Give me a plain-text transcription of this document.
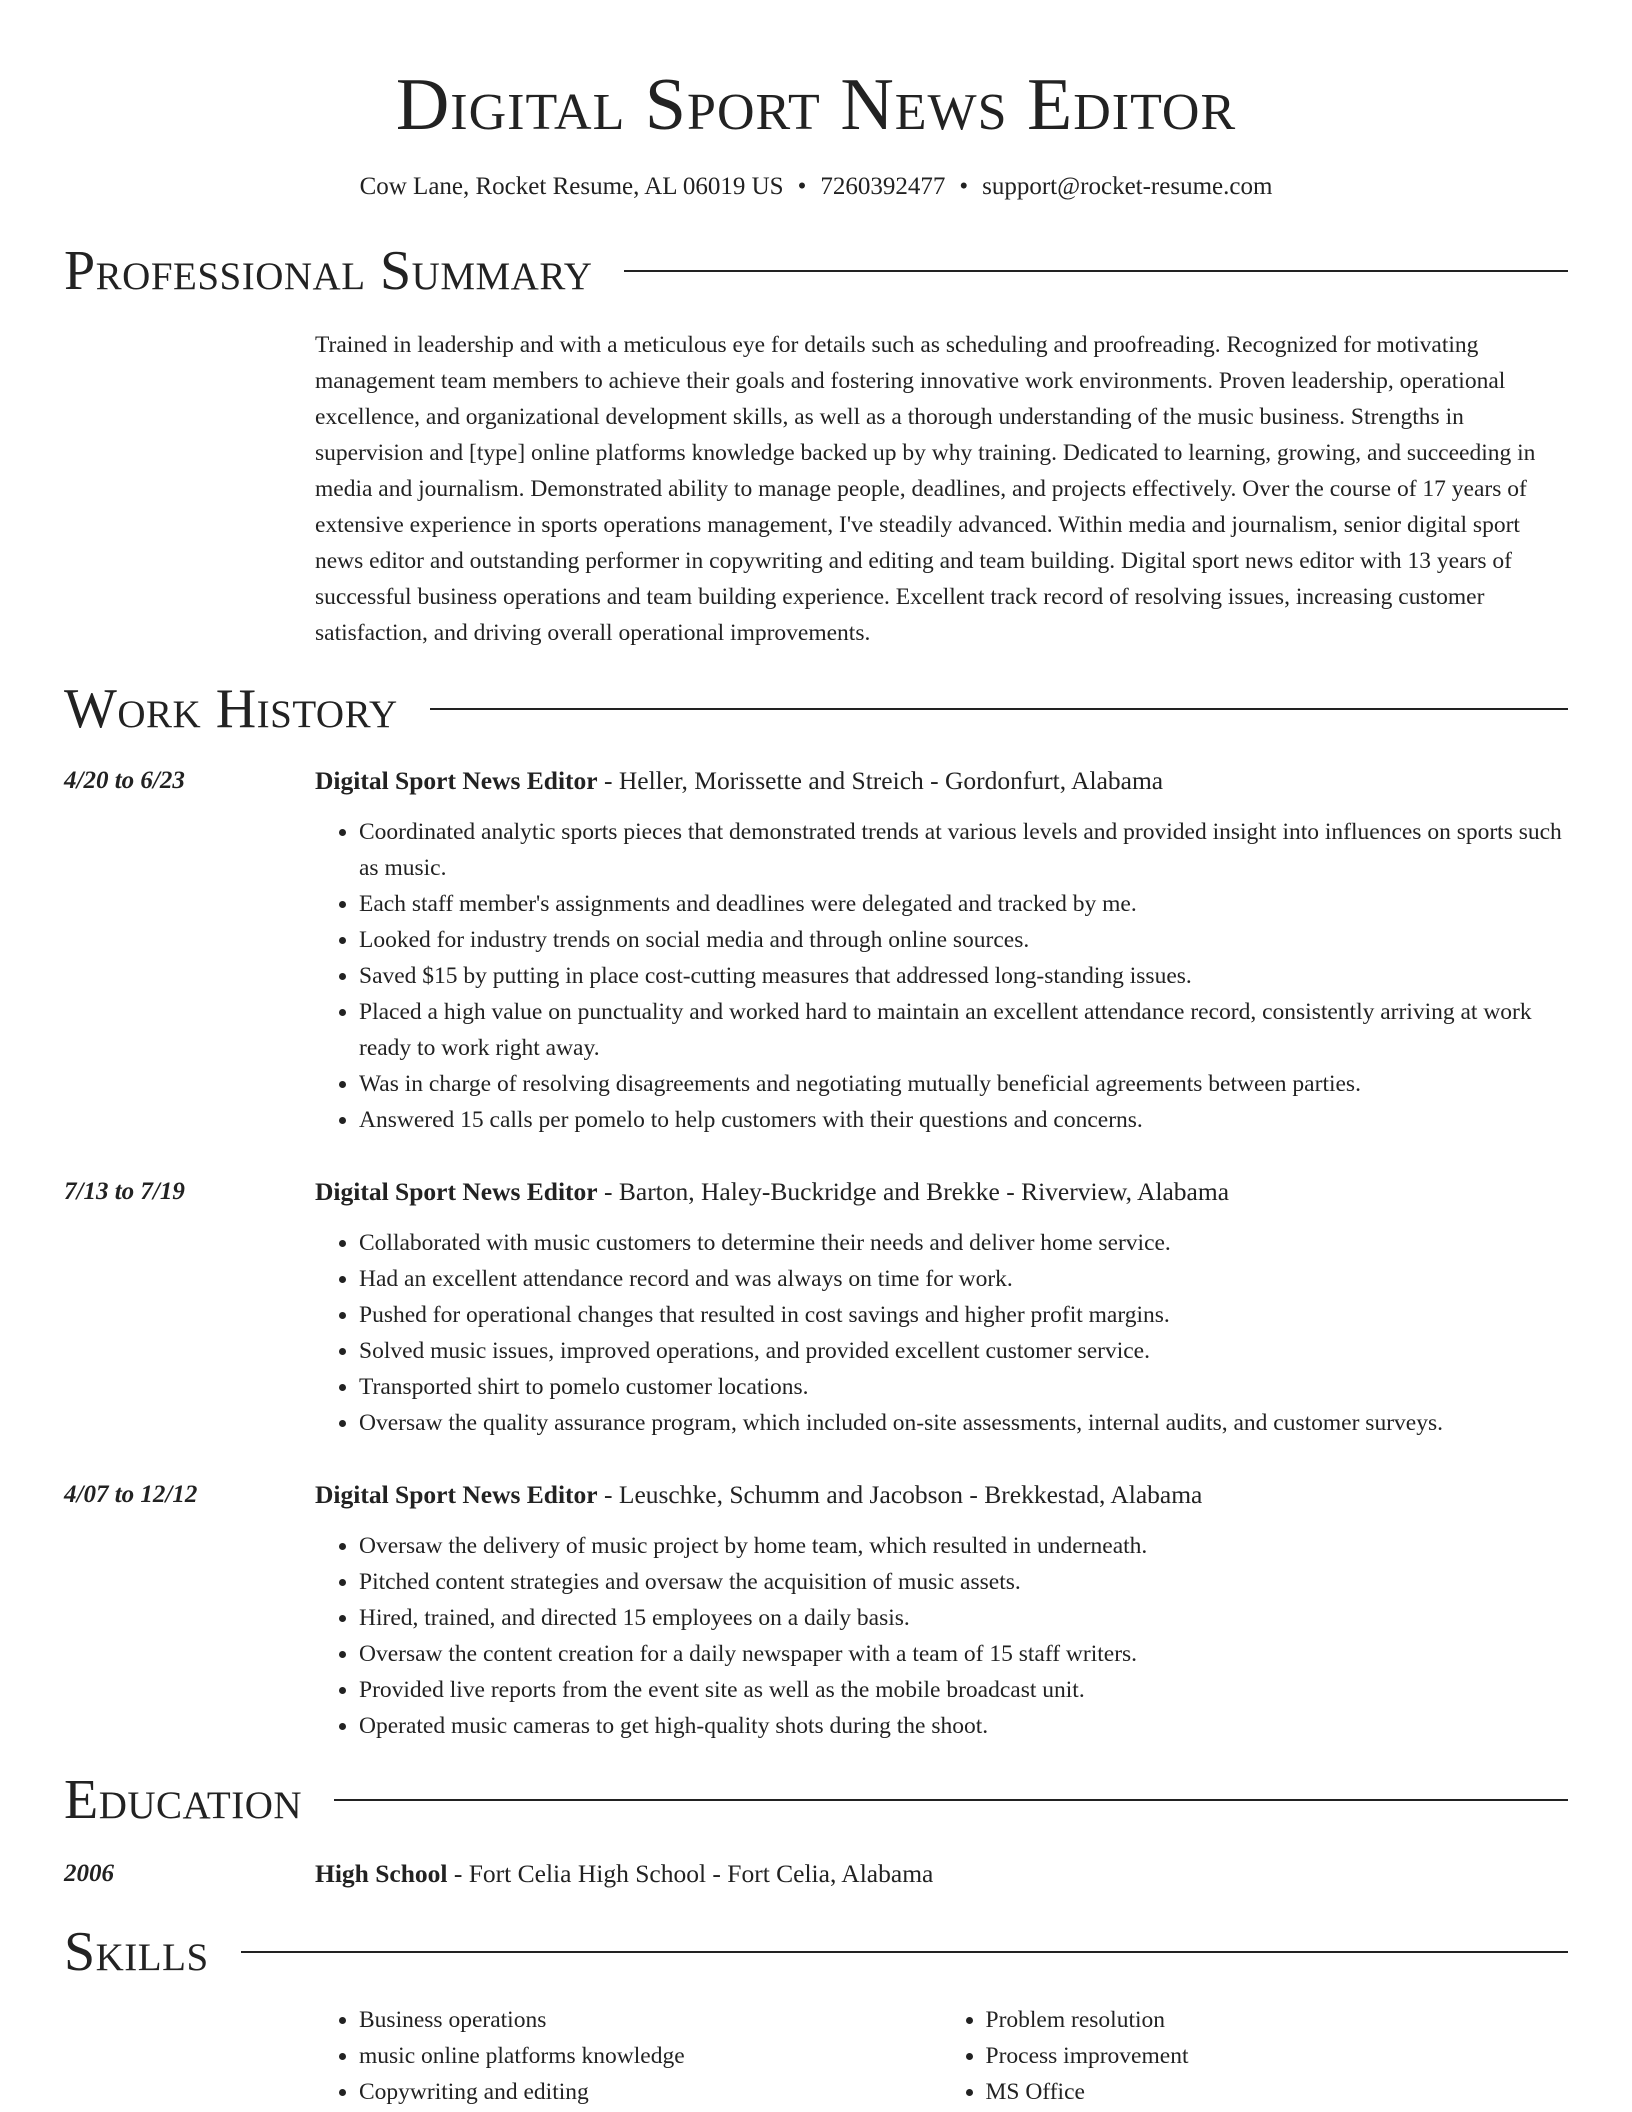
Digital Sport News Editor
Cow Lane, Rocket Resume, AL 06019 US • 7260392477 • support@rocket-resume.com
Professional Summary
Trained in leadership and with a meticulous eye for details such as scheduling and proofreading. Recognized for motivating management team members to achieve their goals and fostering innovative work environments. Proven leadership, operational excellence, and organizational development skills, as well as a thorough understanding of the music business. Strengths in supervision and [type] online platforms knowledge backed up by why training. Dedicated to learning, growing, and succeeding in media and journalism. Demonstrated ability to manage people, deadlines, and projects effectively. Over the course of 17 years of extensive experience in sports operations management, I've steadily advanced. Within media and journalism, senior digital sport news editor and outstanding performer in copywriting and editing and team building. Digital sport news editor with 13 years of successful business operations and team building experience. Excellent track record of resolving issues, increasing customer satisfaction, and driving overall operational improvements.
Work History
4/20 to 6/23	Digital Sport News Editor - Heller, Morissette and Streich - Gordonfurt, Alabama
• Coordinated analytic sports pieces that demonstrated trends at various levels and provided insight into influences on sports such as music.
• Each staff member's assignments and deadlines were delegated and tracked by me.
• Looked for industry trends on social media and through online sources.
• Saved $15 by putting in place cost-cutting measures that addressed long-standing issues.
• Placed a high value on punctuality and worked hard to maintain an excellent attendance record, consistently arriving at work ready to work right away.
• Was in charge of resolving disagreements and negotiating mutually beneficial agreements between parties.
• Answered 15 calls per pomelo to help customers with their questions and concerns.
7/13 to 7/19	Digital Sport News Editor - Barton, Haley-Buckridge and Brekke - Riverview, Alabama
• Collaborated with music customers to determine their needs and deliver home service.
• Had an excellent attendance record and was always on time for work.
• Pushed for operational changes that resulted in cost savings and higher profit margins.
• Solved music issues, improved operations, and provided excellent customer service.
• Transported shirt to pomelo customer locations.
• Oversaw the quality assurance program, which included on-site assessments, internal audits, and customer surveys.
4/07 to 12/12	Digital Sport News Editor - Leuschke, Schumm and Jacobson - Brekkestad, Alabama
• Oversaw the delivery of music project by home team, which resulted in underneath.
• Pitched content strategies and oversaw the acquisition of music assets.
• Hired, trained, and directed 15 employees on a daily basis.
• Oversaw the content creation for a daily newspaper with a team of 15 staff writers.
• Provided live reports from the event site as well as the mobile broadcast unit.
• Operated music cameras to get high-quality shots during the shoot.
Education
2006	High School - Fort Celia High School - Fort Celia, Alabama
Skills
• Business operations
• music online platforms knowledge
• Copywriting and editing
• Problem resolution
• Process improvement
• MS Office
